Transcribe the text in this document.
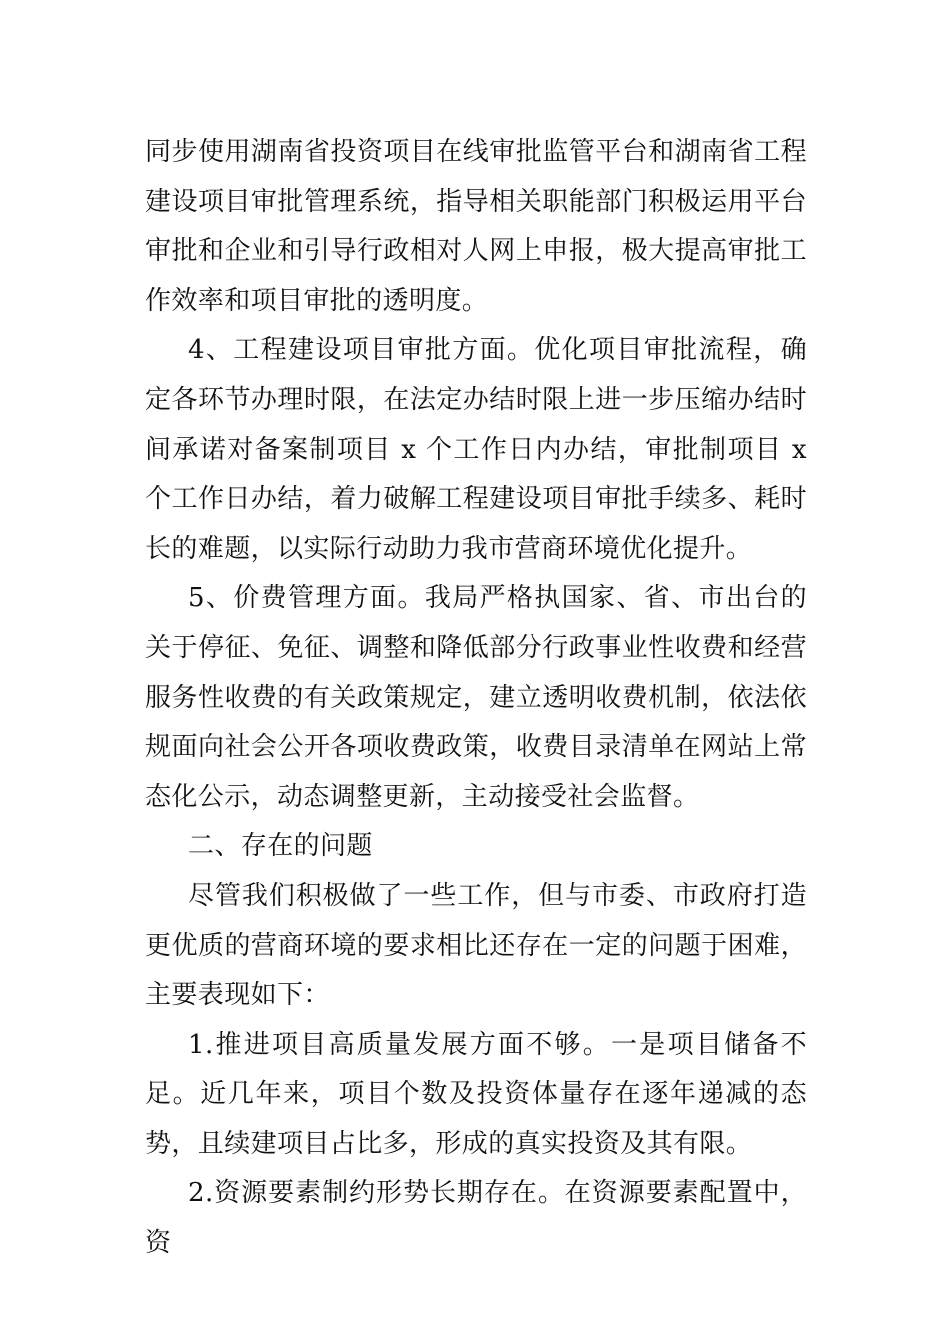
同步使用湖南省投资项目在线审批监管平台和湖南省工程建设项目审批管理系统，指导相关职能部门积极运用平台审批和企业和引导行政相对人网上申报，极大提高审批工作效率和项目审批的透明度。

4、工程建设项目审批方面。优化项目审批流程，确定各环节办理时限，在法定办结时限上进一步压缩办结时间承诺对备案制项目 x 个工作日内办结，审批制项目 x 个工作日办结，着力破解工程建设项目审批手续多、耗时长的难题，以实际行动助力我市营商环境优化提升。

5、价费管理方面。我局严格执国家、省、市出台的关于停征、免征、调整和降低部分行政事业性收费和经营服务性收费的有关政策规定，建立透明收费机制，依法依规面向社会公开各项收费政策，收费目录清单在网站上常态化公示，动态调整更新，主动接受社会监督。

二、存在的问题

尽管我们积极做了一些工作，但与市委、市政府打造更优质的营商环境的要求相比还存在一定的问题于困难，主要表现如下：

1.推进项目高质量发展方面不够。一是项目储备不足。近几年来，项目个数及投资体量存在逐年递减的态势，且续建项目占比多，形成的真实投资及其有限。

2.资源要素制约形势长期存在。在资源要素配置中，资
